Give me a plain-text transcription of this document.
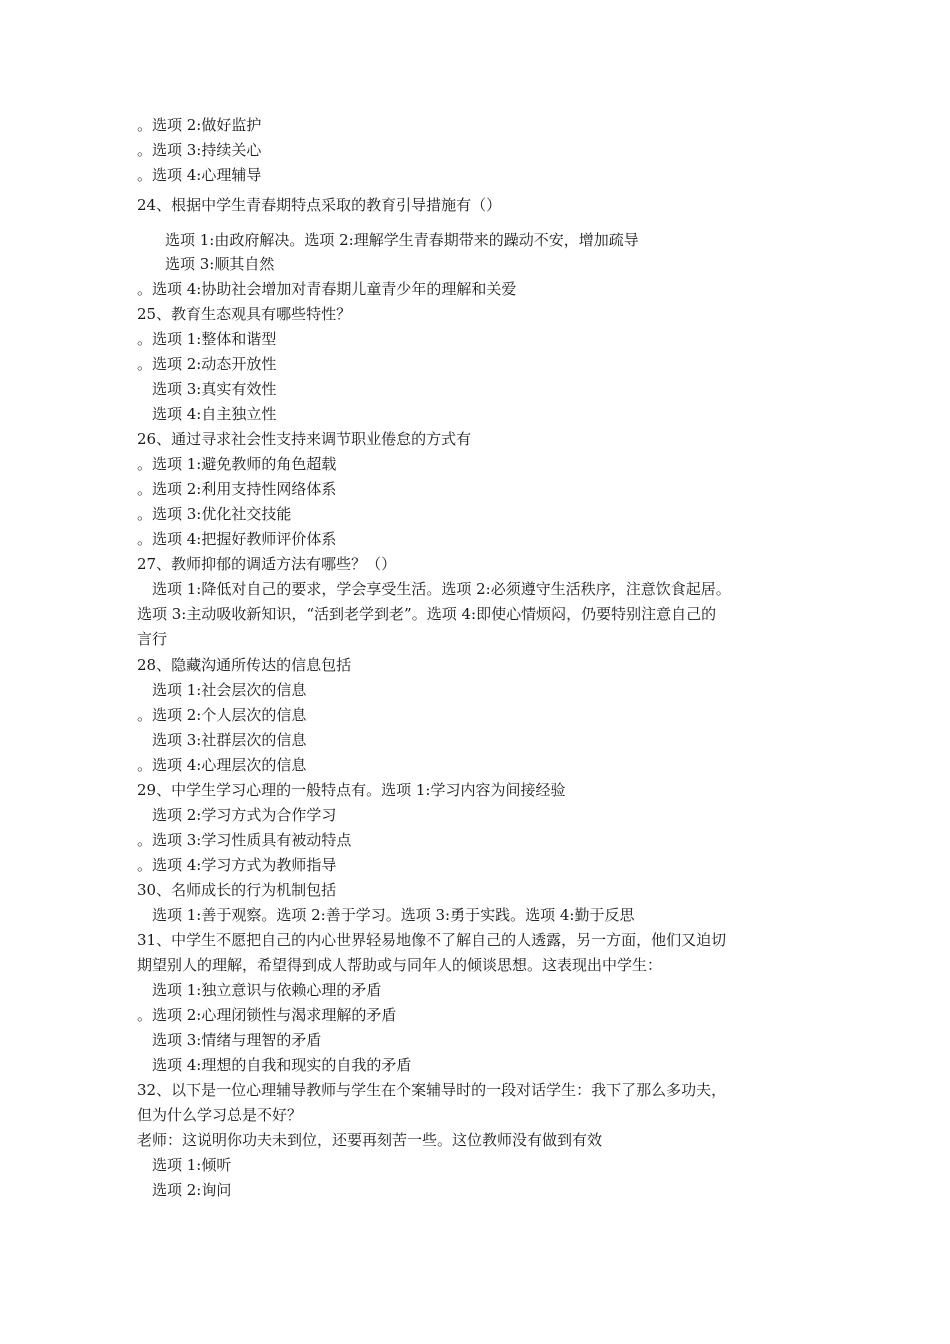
。选项 2:做好监护
。选项 3:持续关心
。选项 4:心理辅导
24、根据中学生青春期特点采取的教育引导措施有（）
选项 1:由政府解决。选项 2:理解学生青春期带来的躁动不安，增加疏导
选项 3:顺其自然
。选项 4:协助社会增加对青春期儿童青少年的理解和关爱
25、教育生态观具有哪些特性？
。选项 1:整体和谐型
。选项 2:动态开放性
选项 3:真实有效性
选项 4:自主独立性
26、通过寻求社会性支持来调节职业倦怠的方式有
。选项 1:避免教师的角色超载
。选项 2:利用支持性网络体系
。选项 3:优化社交技能
。选项 4:把握好教师评价体系
27、教师抑郁的调适方法有哪些？（）
选项 1:降低对自己的要求，学会享受生活。选项 2:必须遵守生活秩序，注意饮食起居。
选项 3:主动吸收新知识，“活到老学到老”。选项 4:即使心情烦闷，仍要特别注意自己的
言行
28、隐藏沟通所传达的信息包括
选项 1:社会层次的信息
。选项 2:个人层次的信息
选项 3:社群层次的信息
。选项 4:心理层次的信息
29、中学生学习心理的一般特点有。选项 1:学习内容为间接经验
选项 2:学习方式为合作学习
。选项 3:学习性质具有被动特点
。选项 4:学习方式为教师指导
30、名师成长的行为机制包括
选项 1:善于观察。选项 2:善于学习。选项 3:勇于实践。选项 4:勤于反思
31、中学生不愿把自己的内心世界轻易地像不了解自己的人透露，另一方面，他们又迫切
期望别人的理解，希望得到成人帮助或与同年人的倾谈思想。这表现出中学生：
选项 1:独立意识与依赖心理的矛盾
。选项 2:心理闭锁性与渴求理解的矛盾
选项 3:情绪与理智的矛盾
选项 4:理想的自我和现实的自我的矛盾
32、以下是一位心理辅导教师与学生在个案辅导时的一段对话学生：我下了那么多功夫，
但为什么学习总是不好？
老师：这说明你功夫未到位，还要再刻苦一些。这位教师没有做到有效
选项 1:倾听
选项 2:询问
